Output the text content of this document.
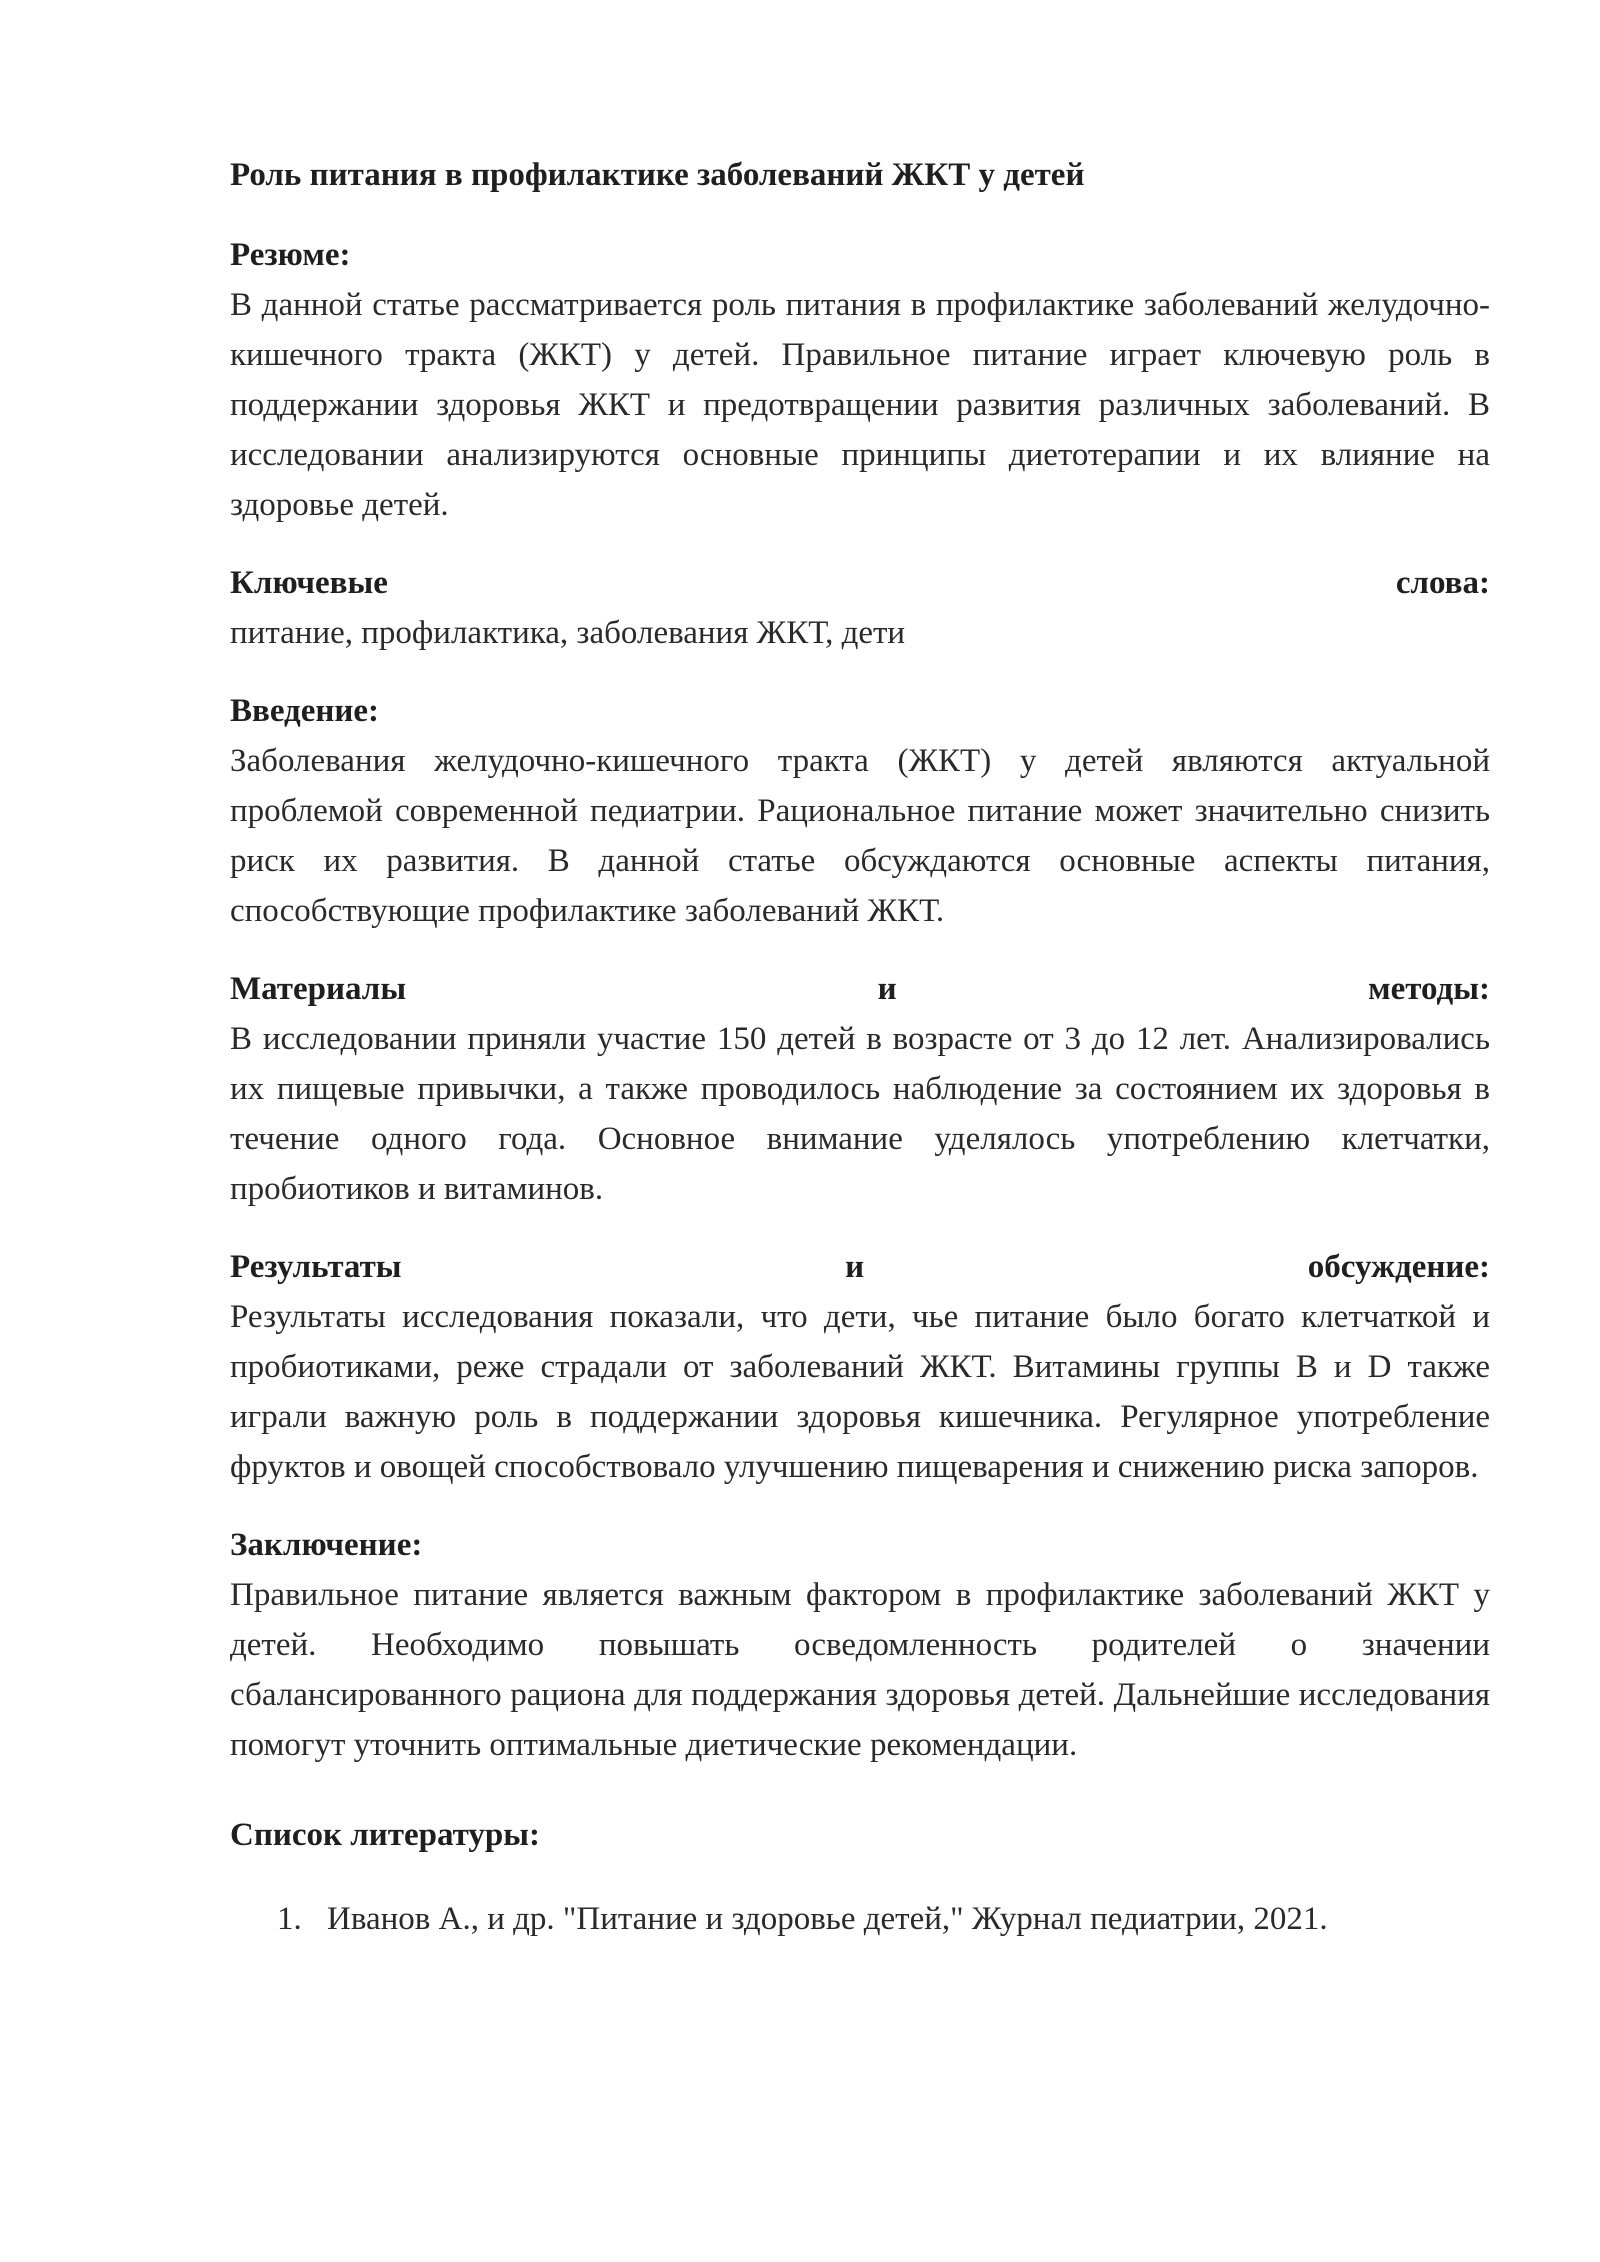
Роль питания в профилактике заболеваний ЖКТ у детей
Резюме:

В данной статье рассматривается роль питания в профилактике заболеваний желудочно-кишечного тракта (ЖКТ) у детей. Правильное питание играет ключевую роль в поддержании здоровья ЖКТ и предотвращении развития различных заболеваний. В исследовании анализируются основные принципы диетотерапии и их влияние на здоровье детей.

Ключевые слова:

питание, профилактика, заболевания ЖКТ, дети

Введение:

Заболевания желудочно-кишечного тракта (ЖКТ) у детей являются актуальной проблемой современной педиатрии. Рациональное питание может значительно снизить риск их развития. В данной статье обсуждаются основные аспекты питания, способствующие профилактике заболеваний ЖКТ.

Материалы и методы:

В исследовании приняли участие 150 детей в возрасте от 3 до 12 лет. Анализировались их пищевые привычки, а также проводилось наблюдение за состоянием их здоровья в течение одного года. Основное внимание уделялось употреблению клетчатки, пробиотиков и витаминов.

Результаты и обсуждение:

Результаты исследования показали, что дети, чье питание было богато клетчаткой и пробиотиками, реже страдали от заболеваний ЖКТ. Витамины группы B и D также играли важную роль в поддержании здоровья кишечника. Регулярное употребление фруктов и овощей способствовало улучшению пищеварения и снижению риска запоров.

Заключение:

Правильное питание является важным фактором в профилактике заболеваний ЖКТ у детей. Необходимо повышать осведомленность родителей о значении сбалансированного рациона для поддержания здоровья детей. Дальнейшие исследования помогут уточнить оптимальные диетические рекомендации.

Список литературы:
1. Иванов А., и др. "Питание и здоровье детей," Журнал педиатрии, 2021.
